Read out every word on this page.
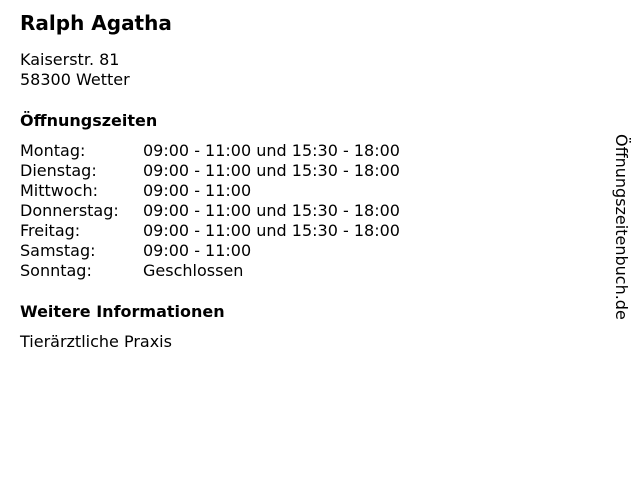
Ralph Agatha
Kaiserstr. 81
58300 Wetter
Öffnungszeiten
Montag:	09:00 - 11:00 und 15:30 - 18:00
Dienstag:	09:00 - 11:00 und 15:30 - 18:00
Mittwoch:	09:00 - 11:00
Donnerstag:	09:00 - 11:00 und 15:30 - 18:00
Freitag:	09:00 - 11:00 und 15:30 - 18:00
Samstag:	09:00 - 11:00
Sonntag:	Geschlossen
Weitere Informationen
Tierärztliche Praxis
Öffnungszeitenbuch.de
